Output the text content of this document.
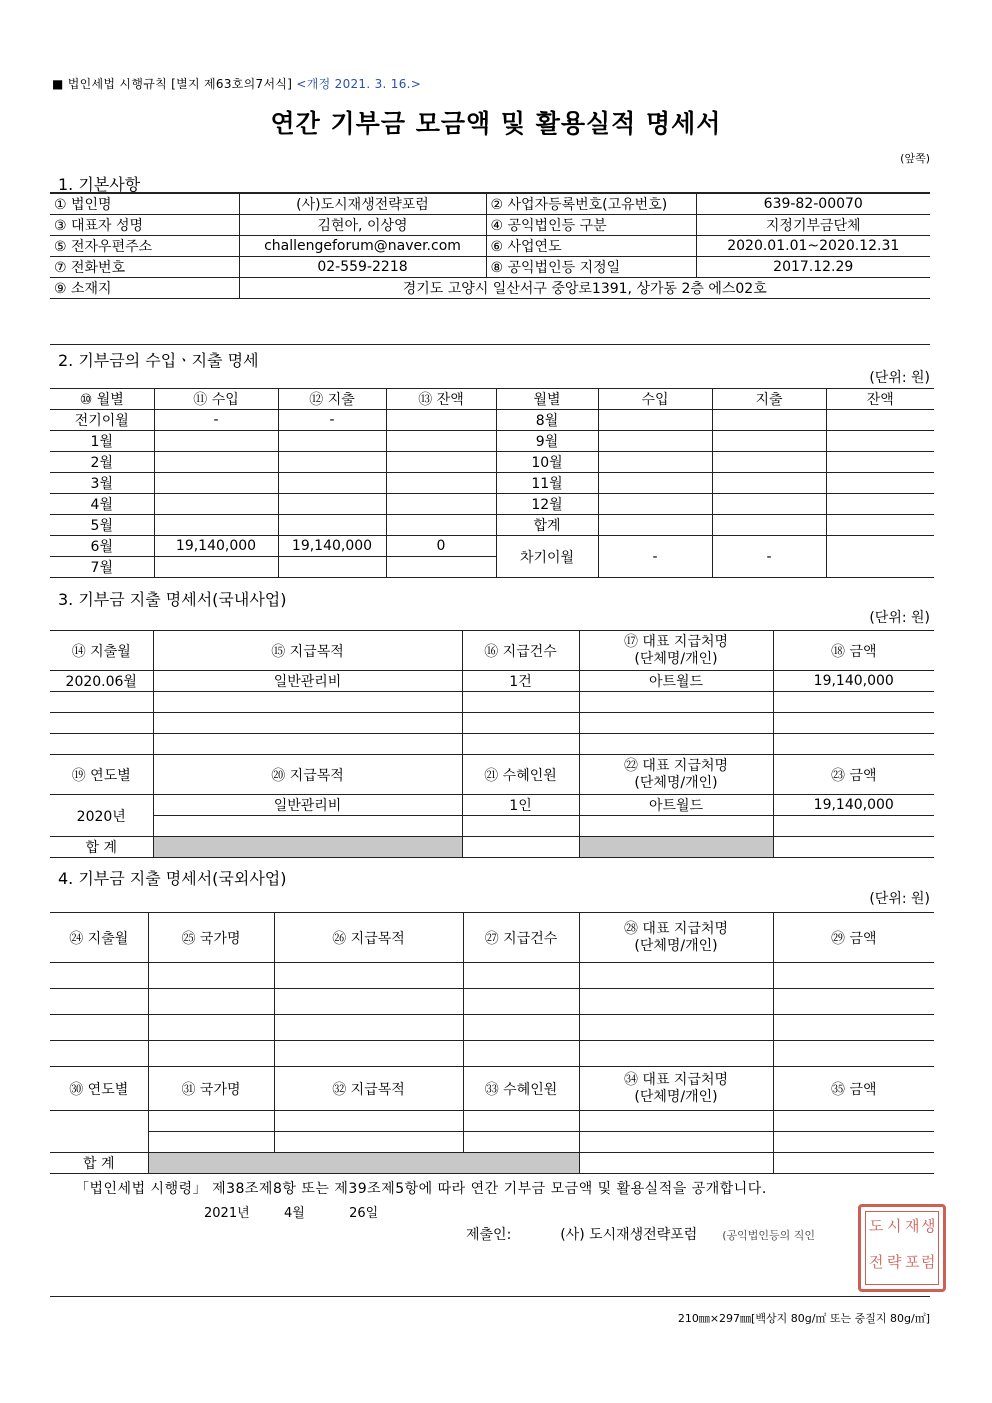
■ 법인세법 시행규칙 [별지 제63호의7서식] <개정 2021. 3. 16.>
연간 기부금 모금액 및 활용실적 명세서
(앞쪽)
1. 기본사항
① 법인명	(사)도시재생전략포럼	② 사업자등록번호(고유번호)	639-82-00070
③ 대표자 성명	김현아, 이상영	④ 공익법인등 구분	지정기부금단체
⑤ 전자우편주소	challengeforum@naver.com	⑥ 사업연도	2020.01.01~2020.12.31
⑦ 전화번호	02-559-2218	⑧ 공익법인등 지정일	2017.12.29
⑨ 소재지	경기도 고양시 일산서구 중앙로1391, 상가동 2층 에스02호		
2. 기부금의 수입ㆍ지출 명세
(단위: 원)
⑩ 월별	⑪ 수입	⑫ 지출	⑬ 잔액	월별	수입	지출	잔액
전기이월	-	-		8월			
1월				9월			
2월				10월			
3월				11월			
4월				12월			
5월				합계			
6월	19,140,000	19,140,000	0	차기이월	-	-	
7월							
3. 기부금 지출 명세서(국내사업)
(단위: 원)
⑭ 지출월	⑮ 지급목적	⑯ 지급건수	⑰ 대표 지급처명
(단체명/개인)	⑱ 금액
2020.06월	일반관리비	1건	아트월드	19,140,000

⑲ 연도별	⑳ 지급목적	㉑ 수혜인원	㉒ 대표 지급처명
(단체명/개인)	㉓ 금액
2020년	일반관리비	1인	아트월드	19,140,000

합 계				
4. 기부금 지출 명세서(국외사업)
(단위: 원)
㉔ 지출월	㉕ 국가명	㉖ 지급목적	㉗ 지급건수	㉘ 대표 지급처명
(단체명/개인)	㉙ 금액

㉚ 연도별	㉛ 국가명	㉜ 지급목적	㉝ 수혜인원	㉞ 대표 지급처명
(단체명/개인)	㉟ 금액

합 계					
「법인세법 시행령」 제38조제8항 또는 제39조제5항에 따라 연간 기부금 모금액 및 활용실적을 공개합니다.
2021년	4월	26일
제출인:	(사) 도시재생전략포럼 (공익법인등의 직인
도 시 재 생
전 략 포 럼
210㎜×297㎜[백상지 80g/㎡ 또는 중질지 80g/㎡]
